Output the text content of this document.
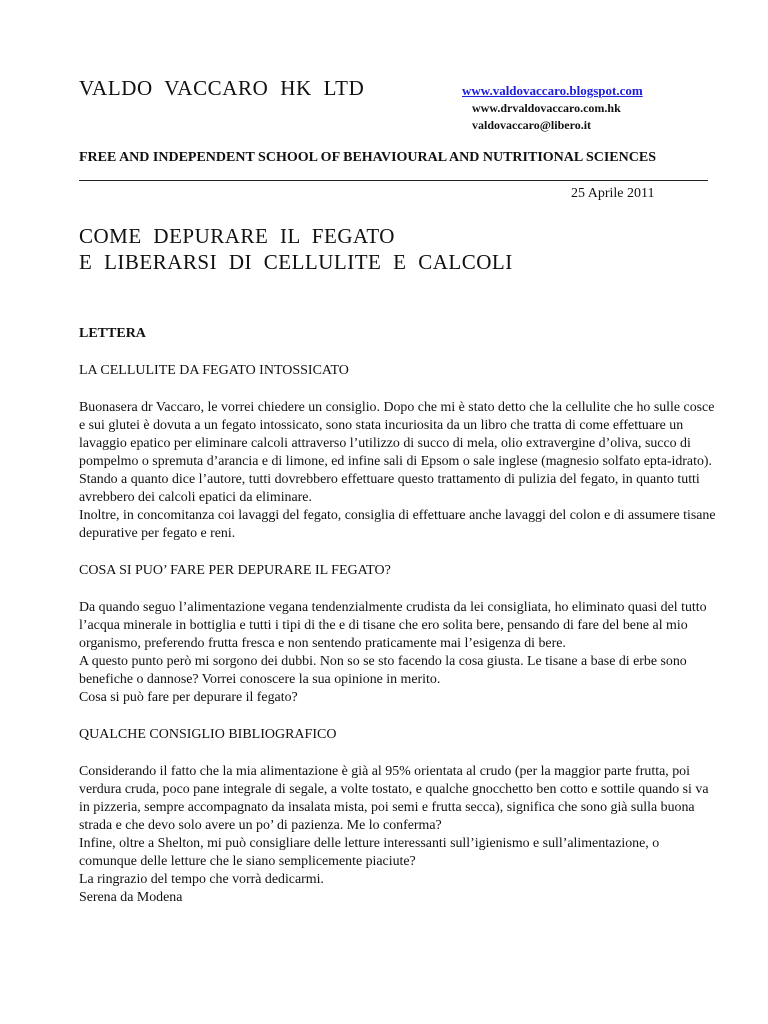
VALDO VACCARO HK LTD	www.valdovaccaro.blogspot.com
www.drvaldovaccaro.com.hk
valdovaccaro@libero.it
FREE AND INDEPENDENT SCHOOL OF BEHAVIOURAL AND NUTRITIONAL SCIENCES
25 Aprile 2011
COME DEPURARE IL FEGATO
E LIBERARSI DI CELLULITE E CALCOLI

LETTERA

LA CELLULITE DA FEGATO INTOSSICATO

Buonasera dr Vaccaro, le vorrei chiedere un consiglio. Dopo che mi è stato detto che la cellulite che ho sulle cosce e sui glutei è dovuta a un fegato intossicato, sono stata incuriosita da un libro che tratta di come effettuare un lavaggio epatico per eliminare calcoli attraverso l’utilizzo di succo di mela, olio extravergine d’oliva, succo di pompelmo o spremuta d’arancia e di limone, ed infine sali di Epsom o sale inglese (magnesio solfato epta-idrato).

Stando a quanto dice l’autore, tutti dovrebbero effettuare questo trattamento di pulizia del fegato, in quanto tutti avrebbero dei calcoli epatici da eliminare.

Inoltre, in concomitanza coi lavaggi del fegato, consiglia di effettuare anche lavaggi del colon e di assumere tisane depurative per fegato e reni.

COSA SI PUO’ FARE PER DEPURARE IL FEGATO?

Da quando seguo l’alimentazione vegana tendenzialmente crudista da lei consigliata, ho eliminato quasi del tutto l’acqua minerale in bottiglia e tutti i tipi di the e di tisane che ero solita bere, pensando di fare del bene al mio organismo, preferendo frutta fresca e non sentendo praticamente mai l’esigenza di bere.

A questo punto però mi sorgono dei dubbi. Non so se sto facendo la cosa giusta. Le tisane a base di erbe sono benefiche o dannose? Vorrei conoscere la sua opinione in merito.

Cosa si può fare per depurare il fegato?

QUALCHE CONSIGLIO BIBLIOGRAFICO

Considerando il fatto che la mia alimentazione è già al 95% orientata al crudo (per la maggior parte frutta, poi verdura cruda, poco pane integrale di segale, a volte tostato, e qualche gnocchetto ben cotto e sottile quando si va in pizzeria, sempre accompagnato da insalata mista, poi semi e frutta secca), significa che sono già sulla buona strada e che devo solo avere un po’ di pazienza. Me lo conferma?

Infine, oltre a Shelton, mi può consigliare delle letture interessanti sull’igienismo e sull’alimentazione, o comunque delle letture che le siano semplicemente piaciute?

La ringrazio del tempo che vorrà dedicarmi.

Serena da Modena
